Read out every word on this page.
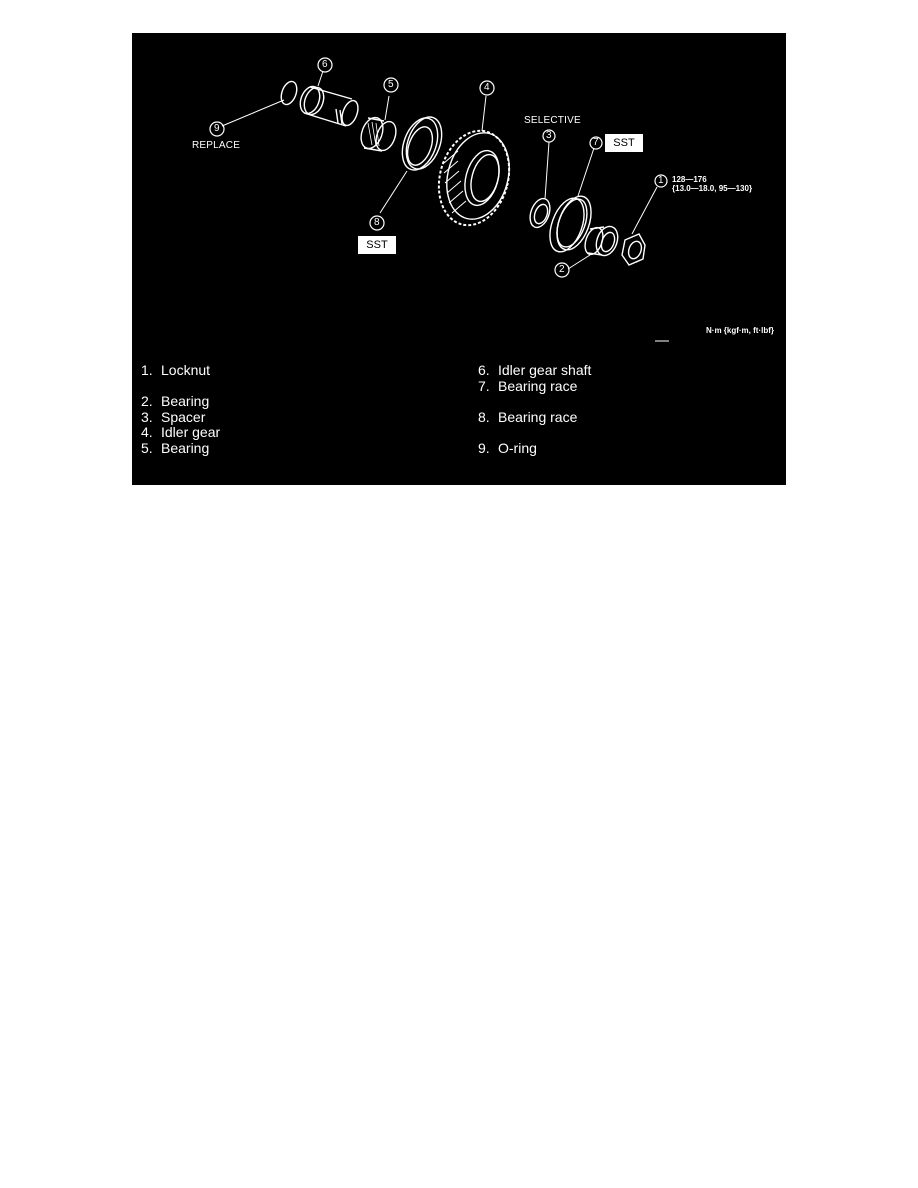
6
5	4
9
3
7
1
8
2
REPLACE
SELECTIVE
SST
SST
128—176
{13.0—18.0, 95—130}
N·m {kgf·m, ft·lbf}
1. Locknut
2. Bearing
3. Spacer
4. Idler gear
5. Bearing
6. Idler gear shaft
7. Bearing race
8. Bearing race
9. O-ring
